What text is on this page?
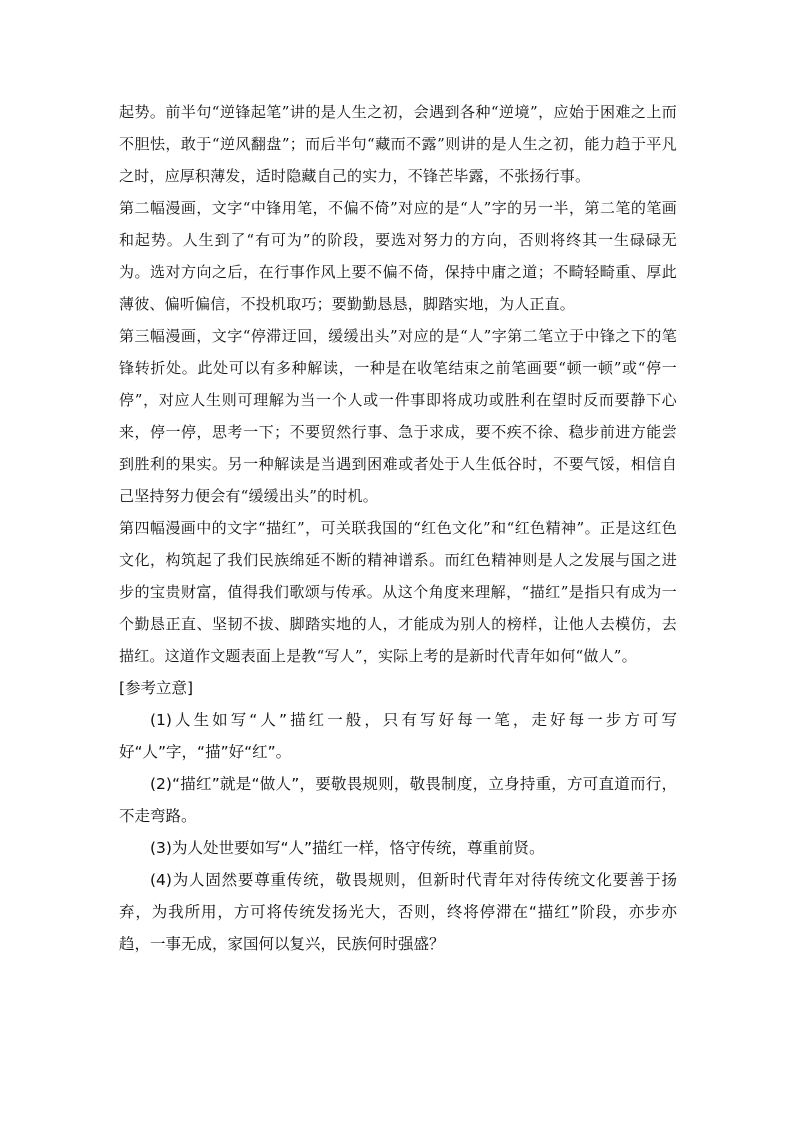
起势。前半句“逆锋起笔”讲的是人生之初，会遇到各种“逆境”，应始于困难之上而不胆怯，敢于“逆风翻盘”；而后半句“藏而不露”则讲的是人生之初，能力趋于平凡之时，应厚积薄发，适时隐藏自己的实力，不锋芒毕露，不张扬行事。

第二幅漫画，文字“中锋用笔，不偏不倚”对应的是“人”字的另一半，第二笔的笔画和起势。人生到了“有可为”的阶段，要选对努力的方向，否则将终其一生碌碌无为。选对方向之后，在行事作风上要不偏不倚，保持中庸之道；不畸轻畸重、厚此薄彼、偏听偏信，不投机取巧；要勤勤恳恳，脚踏实地，为人正直。

第三幅漫画，文字“停滞迂回，缓缓出头”对应的是“人”字第二笔立于中锋之下的笔锋转折处。此处可以有多种解读，一种是在收笔结束之前笔画要“顿一顿”或“停一停”，对应人生则可理解为当一个人或一件事即将成功或胜利在望时反而要静下心来，停一停，思考一下；不要贸然行事、急于求成，要不疾不徐、稳步前进方能尝到胜利的果实。另一种解读是当遇到困难或者处于人生低谷时，不要气馁，相信自己坚持努力便会有“缓缓出头”的时机。

第四幅漫画中的文字“描红”，可关联我国的“红色文化”和“红色精神”。正是这红色文化，构筑起了我们民族绵延不断的精神谱系。而红色精神则是人之发展与国之进步的宝贵财富，值得我们歌颂与传承。从这个角度来理解，“描红”是指只有成为一个勤恳正直、坚韧不拔、脚踏实地的人，才能成为别人的榜样，让他人去模仿，去描红。这道作文题表面上是教“写人”，实际上考的是新时代青年如何“做人”。

[参考立意]

(1)人生如写“人”描红一般，只有写好每一笔，走好每一步方可写好“人”字，“描”好“红”。

(2)“描红”就是“做人”，要敬畏规则，敬畏制度，立身持重，方可直道而行，不走弯路。

(3)为人处世要如写“人”描红一样，恪守传统，尊重前贤。

(4)为人固然要尊重传统，敬畏规则，但新时代青年对待传统文化要善于扬弃，为我所用，方可将传统发扬光大，否则，终将停滞在“描红”阶段，亦步亦趋，一事无成，家国何以复兴，民族何时强盛？
